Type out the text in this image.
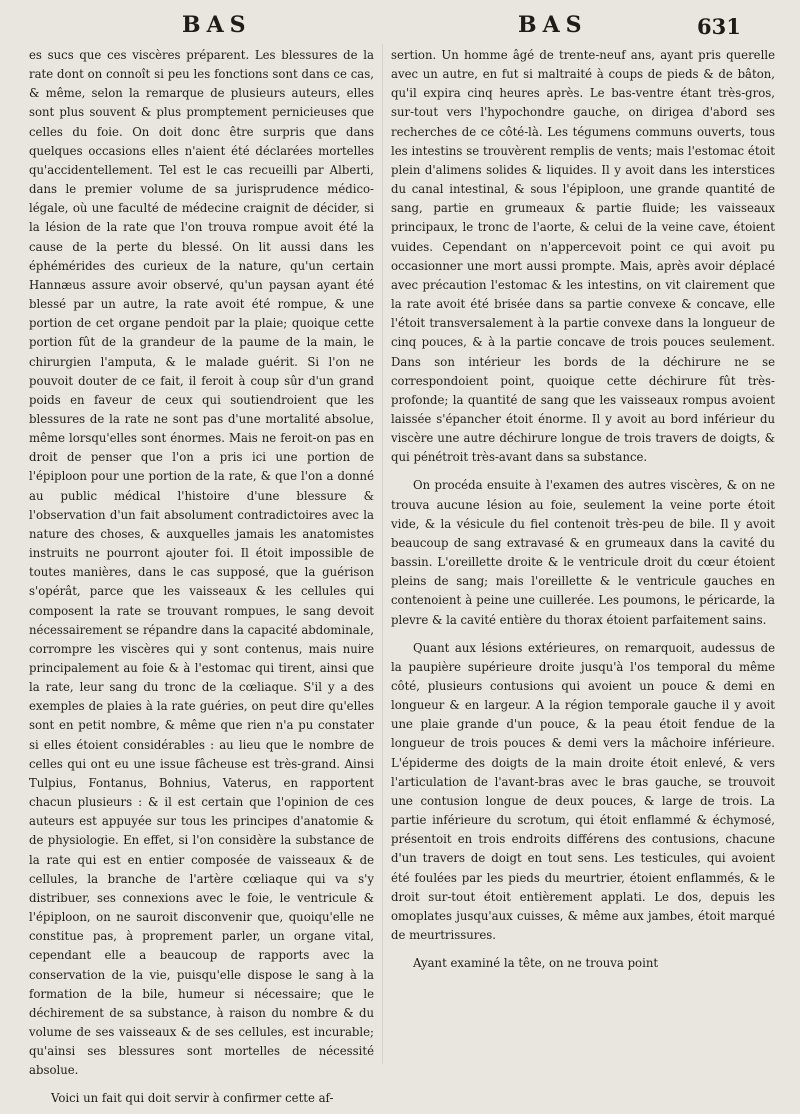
BAS	BAS	631

es sucs que ces viscères préparent. Les blessures de la rate dont on connoît si peu les fonctions sont dans ce cas, & même, selon la remarque de plusieurs auteurs, elles sont plus souvent & plus promptement pernicieuses que celles du foie. On doit donc être surpris que dans quelques occasions elles n'aient été déclarées mortelles qu'accidentellement. Tel est le cas recueilli par Alberti, dans le premier volume de sa jurisprudence médico-légale, où une faculté de médecine craignit de décider, si la lésion de la rate que l'on trouva rompue avoit été la cause de la perte du blessé. On lit aussi dans les éphémérides des curieux de la nature, qu'un certain Hannæus assure avoir observé, qu'un paysan ayant été blessé par un autre, la rate avoit été rompue, & une portion de cet organe pendoit par la plaie; quoique cette portion fût de la grandeur de la paume de la main, le chirurgien l'amputa, & le malade guérit. Si l'on ne pouvoit douter de ce fait, il feroit à coup sûr d'un grand poids en faveur de ceux qui soutiendroient que les blessures de la rate ne sont pas d'une mortalité absolue, même lorsqu'elles sont énormes. Mais ne feroit-on pas en droit de penser que l'on a pris ici une portion de l'épiploon pour une portion de la rate, & que l'on a donné au public médical l'histoire d'une blessure & l'observation d'un fait absolument contradictoires avec la nature des choses, & auxquelles jamais les anatomistes instruits ne pourront ajouter foi. Il étoit impossible de toutes manières, dans le cas supposé, que la guérison s'opérât, parce que les vaisseaux & les cellules qui composent la rate se trouvant rompues, le sang devoit nécessairement se répandre dans la capacité abdominale, corrompre les viscères qui y sont contenus, mais nuire principalement au foie & à l'estomac qui tirent, ainsi que la rate, leur sang du tronc de la cœliaque. S'il y a des exemples de plaies à la rate guéries, on peut dire qu'elles sont en petit nombre, & même que rien n'a pu constater si elles étoient considérables : au lieu que le nombre de celles qui ont eu une issue fâcheuse est très-grand. Ainsi Tulpius, Fontanus, Bohnius, Vaterus, en rapportent chacun plusieurs : & il est certain que l'opinion de ces auteurs est appuyée sur tous les principes d'anatomie & de physiologie. En effet, si l'on considère la substance de la rate qui est en entier composée de vaisseaux & de cellules, la branche de l'artère cœliaque qui va s'y distribuer, ses connexions avec le foie, le ventricule & l'épiploon, on ne sauroit disconvenir que, quoiqu'elle ne constitue pas, à proprement parler, un organe vital, cependant elle a beaucoup de rapports avec la conservation de la vie, puisqu'elle dispose le sang à la formation de la bile, humeur si nécessaire; que le déchirement de sa substance, à raison du nombre & du volume de ses vaisseaux & de ses cellules, est incurable; qu'ainsi ses blessures sont mortelles de nécessité absolue.

Voici un fait qui doit servir à confirmer cette af-

sertion. Un homme âgé de trente-neuf ans, ayant pris querelle avec un autre, en fut si maltraité à coups de pieds & de bâton, qu'il expira cinq heures après. Le bas-ventre étant très-gros, sur-tout vers l'hypochondre gauche, on dirigea d'abord ses recherches de ce côté-là. Les tégumens communs ouverts, tous les intestins se trouvèrent remplis de vents; mais l'estomac étoit plein d'alimens solides & liquides. Il y avoit dans les interstices du canal intestinal, & sous l'épiploon, une grande quantité de sang, partie en grumeaux & partie fluide; les vaisseaux principaux, le tronc de l'aorte, & celui de la veine cave, étoient vuides. Cependant on n'appercevoit point ce qui avoit pu occasionner une mort aussi prompte. Mais, après avoir déplacé avec précaution l'estomac & les intestins, on vit clairement que la rate avoit été brisée dans sa partie convexe & concave, elle l'étoit transversalement à la partie convexe dans la longueur de cinq pouces, & à la partie concave de trois pouces seulement. Dans son intérieur les bords de la déchirure ne se correspondoient point, quoique cette déchirure fût très-profonde; la quantité de sang que les vaisseaux rompus avoient laissée s'épancher étoit énorme. Il y avoit au bord inférieur du viscère une autre déchirure longue de trois travers de doigts, & qui pénétroit très-avant dans sa substance.

On procéda ensuite à l'examen des autres viscères, & on ne trouva aucune lésion au foie, seulement la veine porte étoit vide, & la vésicule du fiel contenoit très-peu de bile. Il y avoit beaucoup de sang extravasé & en grumeaux dans la cavité du bassin. L'oreillette droite & le ventricule droit du cœur étoient pleins de sang; mais l'oreillette & le ventricule gauches en contenoient à peine une cuillerée. Les poumons, le péricarde, la plevre & la cavité entière du thorax étoient parfaitement sains.

Quant aux lésions extérieures, on remarquoit, audessus de la paupière supérieure droite jusqu'à l'os temporal du même côté, plusieurs contusions qui avoient un pouce & demi en longueur & en largeur. A la région temporale gauche il y avoit une plaie grande d'un pouce, & la peau étoit fendue de la longueur de trois pouces & demi vers la mâchoire inférieure. L'épiderme des doigts de la main droite étoit enlevé, & vers l'articulation de l'avant-bras avec le bras gauche, se trouvoit une contusion longue de deux pouces, & large de trois. La partie inférieure du scrotum, qui étoit enflammé & échymosé, présentoit en trois endroits différens des contusions, chacune d'un travers de doigt en tout sens. Les testicules, qui avoient été foulées par les pieds du meurtrier, étoient enflammés, & le droit sur-tout étoit entièrement applati. Le dos, depuis les omoplates jusqu'aux cuisses, & même aux jambes, étoit marqué de meurtrissures.

Ayant examiné la tête, on ne trouva point
